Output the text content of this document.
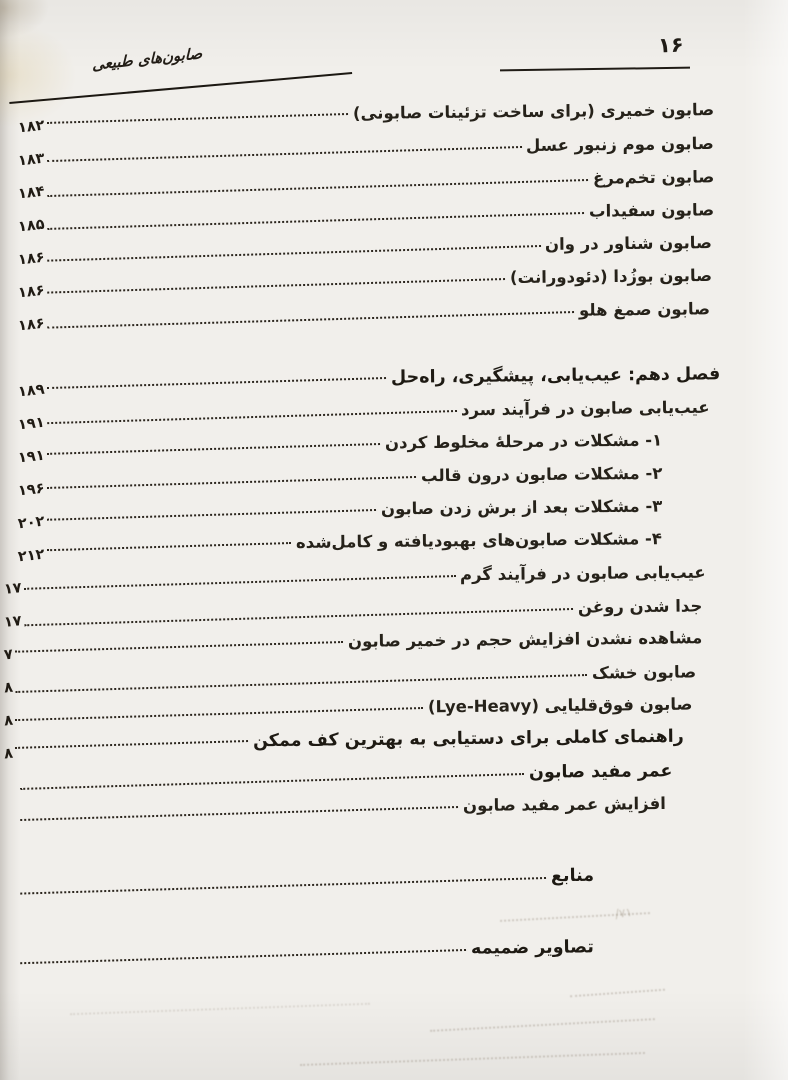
۱۶
صابون‌های طبیعی
صابون خمیری (برای ساخت تزئینات صابونی)
۱۸۲
صابون موم زنبور عسل
۱۸۳
صابون تخم‌مرغ
۱۸۴
صابون سفیداب
۱۸۵
صابون شناور در وان
۱۸۶
صابون بوزُدا (دئودورانت)
۱۸۶
صابون صمغ هلو
۱۸۶
فصل دهم: عیب‌یابی، پیشگیری، راه‌حل
۱۸۹
عیب‌یابی صابون در فرآیند سرد
۱۹۱
۱- مشکلات در مرحلهٔ مخلوط کردن
۱۹۱
۲- مشکلات صابون درون قالب
۱۹۶
۳- مشکلات بعد از برش زدن صابون
۲۰۲
۴- مشکلات صابون‌های بهبودیافته و کامل‌شده
۲۱۲
عیب‌یابی صابون در فرآیند گرم
۱۷
جدا شدن روغن
۱۷
مشاهده نشدن افزایش حجم در خمیر صابون
۷
صابون خشک
۸
صابون فوق‌قلیایی (Lye-Heavy)
۸
راهنمای کاملی برای دستیابی به بهترین کف ممکن
۸
عمر مفید صابون
افزایش عمر مفید صابون
منابع
تصاویر ضمیمه
/۷۱
